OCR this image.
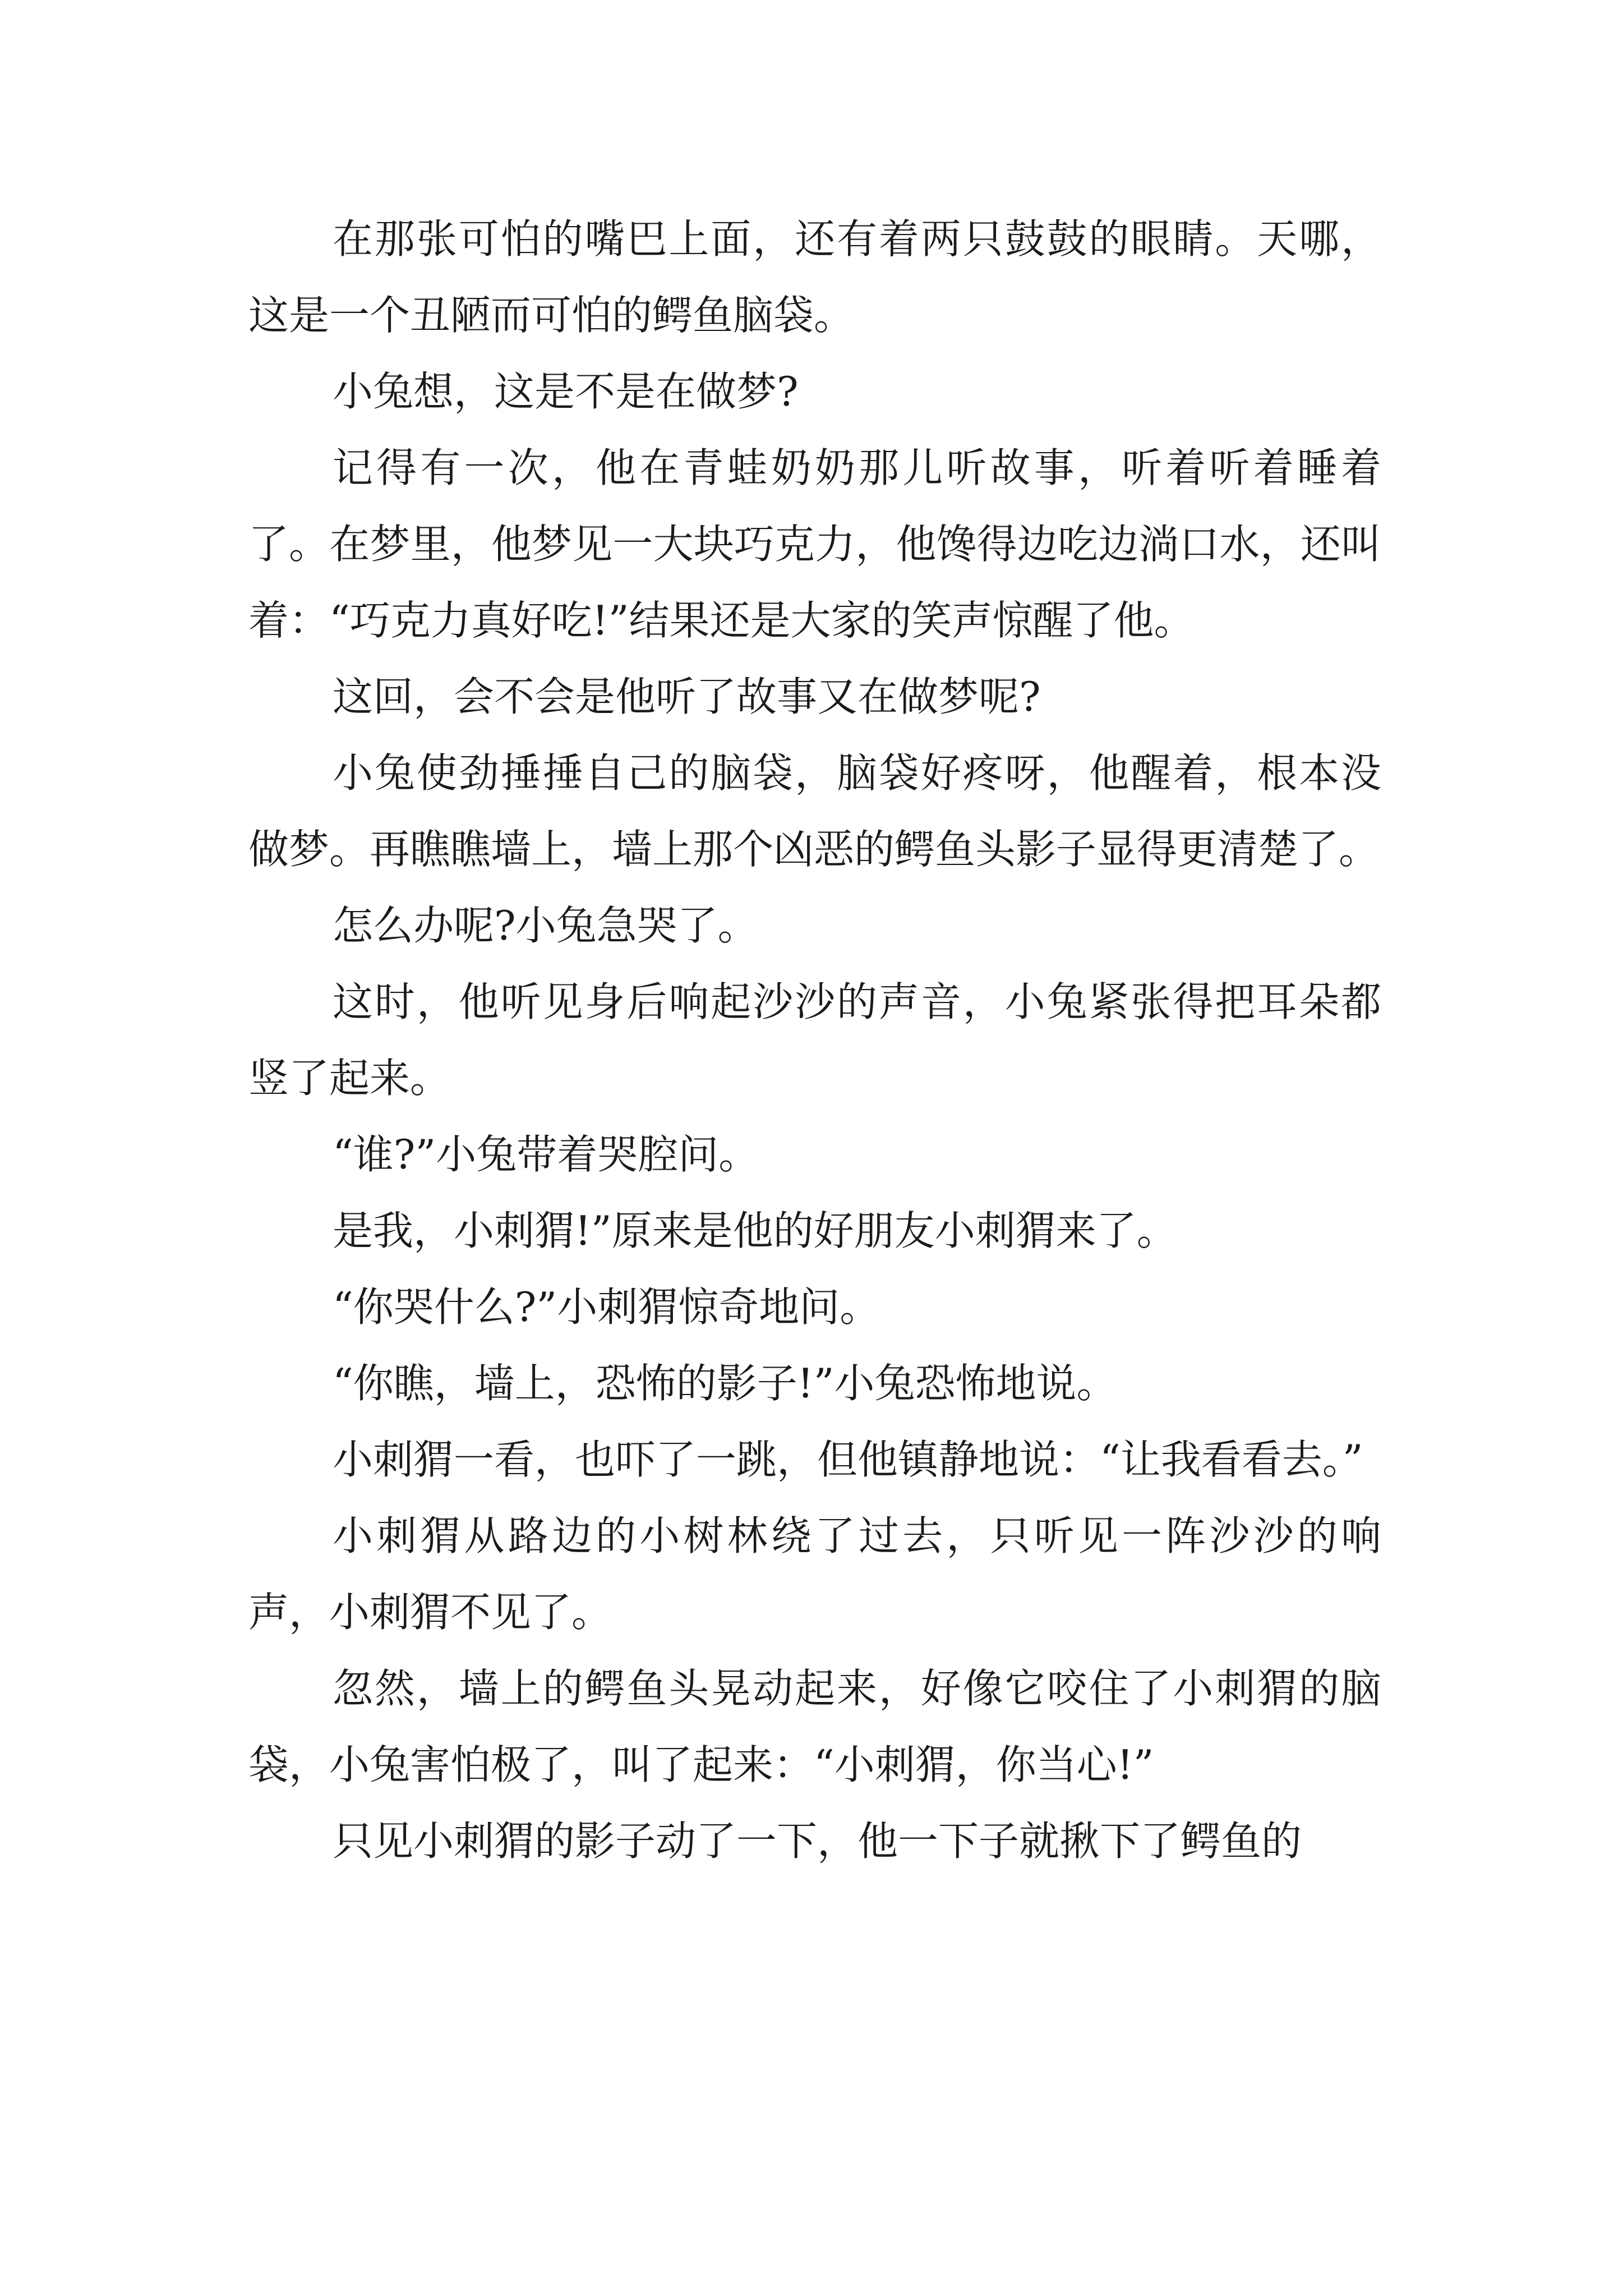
在那张可怕的嘴巴上面，还有着两只鼓鼓的眼睛。天哪，这是一个丑陋而可怕的鳄鱼脑袋。

小兔想，这是不是在做梦?

记得有一次，他在青蛙奶奶那儿听故事，听着听着睡着了。在梦里，他梦见一大块巧克力，他馋得边吃边淌口水，还叫着：“巧克力真好吃!”结果还是大家的笑声惊醒了他。

这回，会不会是他听了故事又在做梦呢?

小兔使劲捶捶自己的脑袋，脑袋好疼呀，他醒着，根本没做梦。再瞧瞧墙上，墙上那个凶恶的鳄鱼头影子显得更清楚了。

怎么办呢?小兔急哭了。

这时，他听见身后响起沙沙的声音，小兔紧张得把耳朵都竖了起来。

“谁?”小兔带着哭腔问。

是我，小刺猬!”原来是他的好朋友小刺猬来了。

“你哭什么?”小刺猬惊奇地问。

“你瞧，墙上，恐怖的影子!”小兔恐怖地说。

小刺猬一看，也吓了一跳，但他镇静地说：“让我看看去。”

小刺猬从路边的小树林绕了过去，只听见一阵沙沙的响声，小刺猬不见了。

忽然，墙上的鳄鱼头晃动起来，好像它咬住了小刺猬的脑袋，小兔害怕极了，叫了起来：“小刺猬，你当心!”

只见小刺猬的影子动了一下，他一下子就揪下了鳄鱼的
